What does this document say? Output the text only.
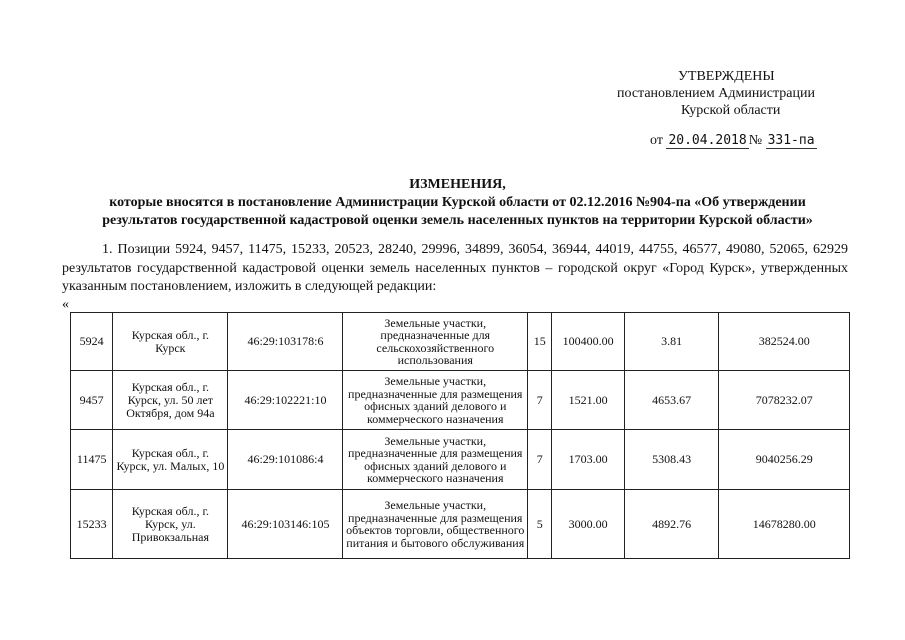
УТВЕРЖДЕНЫ
постановлением Администрации
Курской области
от 20.04.2018 № 331-па
ИЗМЕНЕНИЯ,
которые вносятся в постановление Администрации Курской области от 02.12.2016 №904-па «Об утверждении
результатов государственной кадастровой оценки земель населенных пунктов на территории Курской области»
1. Позиции 5924, 9457, 11475, 15233, 20523, 28240, 29996, 34899, 36054, 36944, 44019, 44755, 46577, 49080, 52065, 62929 результатов государственной кадастровой оценки земель населенных пунктов – городской округ «Город Курск», утвержденных указанным постановлением, изложить в следующей редакции:
«
5924	Курская обл., г. Курск	46:29:103178:6	Земельные участки, предназначенные для сельскохозяйственного использования	15	100400.00	3.81	382524.00
9457	Курская обл., г. Курск, ул. 50 лет Октября, дом 94а	46:29:102221:10	Земельные участки, предназначенные для размещения офисных зданий делового и коммерческого назначения	7	1521.00	4653.67	7078232.07
11475	Курская обл., г. Курск, ул. Малых, 10	46:29:101086:4	Земельные участки, предназначенные для размещения офисных зданий делового и коммерческого назначения	7	1703.00	5308.43	9040256.29
15233	Курская обл., г. Курск, ул. Привокзальная	46:29:103146:105	Земельные участки, предназначенные для размещения объектов торговли, общественного питания и бытового обслуживания	5	3000.00	4892.76	14678280.00
